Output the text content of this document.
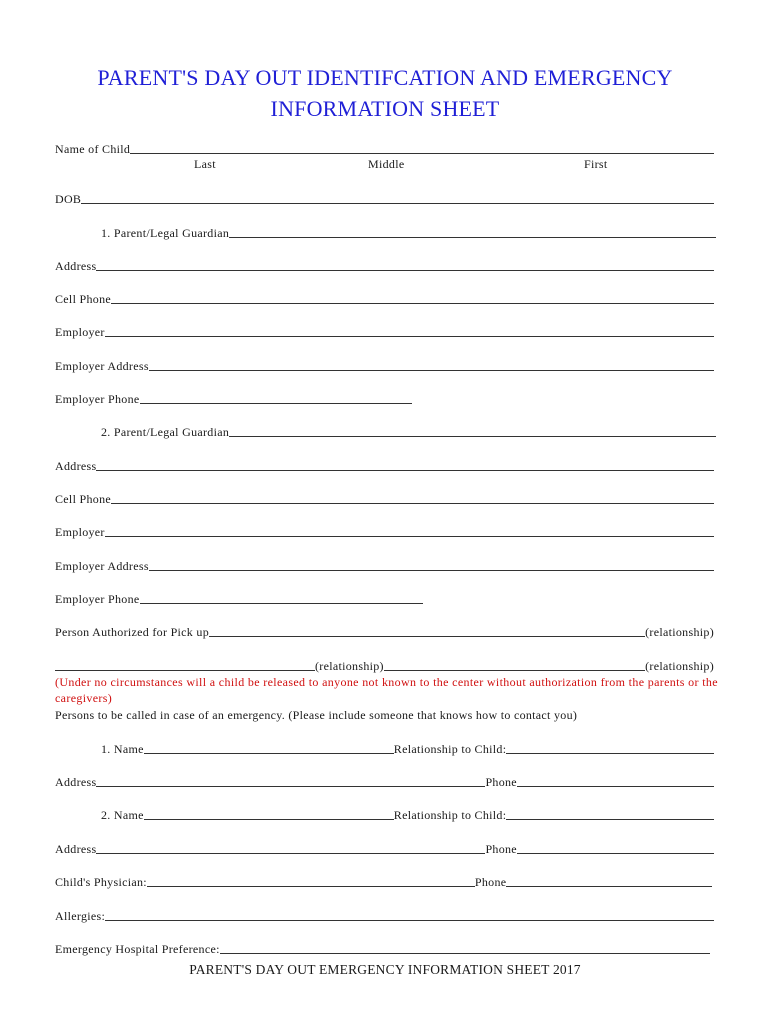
PARENT'S DAY OUT IDENTIFCATION AND EMERGENCY
INFORMATION SHEET
Name of Child
Last	Middle	First
DOB
1. Parent/Legal Guardian
Address
Cell Phone
Employer
Employer Address
Employer Phone
2. Parent/Legal Guardian
Address
Cell Phone
Employer
Employer Address
Employer Phone
Person Authorized for Pick up	(relationship)
(relationship)	(relationship)
(Under no circumstances will a child be released to anyone not known to the center without authorization from the parents or the caregivers)
Persons to be called in case of an emergency. (Please include someone that knows how to contact you)
1. Name	Relationship to Child:
Address	Phone
2. Name	Relationship to Child:
Address	Phone
Child's Physician:	Phone
Allergies:
Emergency Hospital Preference:
PARENT'S DAY OUT EMERGENCY INFORMATION SHEET 2017
